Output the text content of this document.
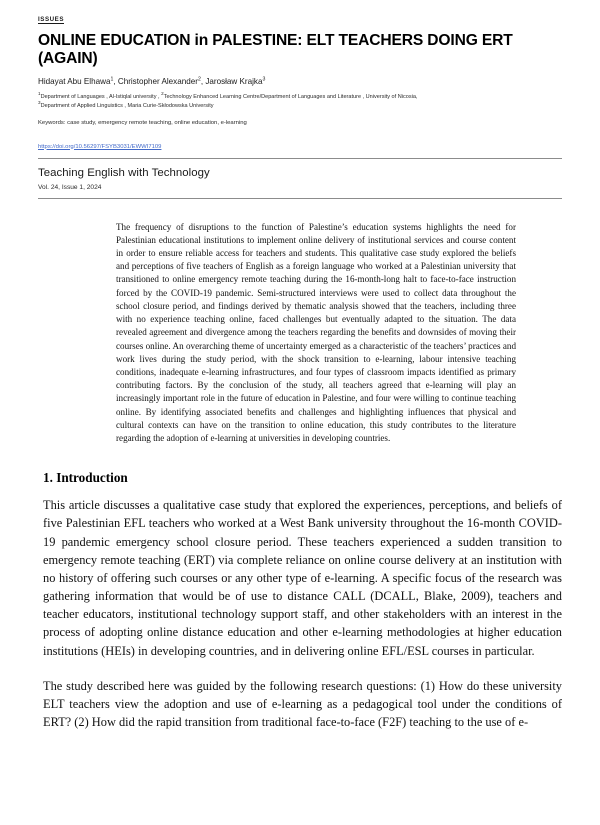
ISSUES
ONLINE EDUCATION in PALESTINE: ELT TEACHERS DOING ERT (AGAIN)
Hidayat Abu Elhawa$^1$, Christopher Alexander$^2$, Jarosław Krajka$^3$
$^1$Department of Languages , Al-Istiqlal university , $^2$Technology Enhanced Learning Centre/Department of Languages and Literature , University of Nicosia,
$^3$Department of Applied Linguistics , Maria Curie-Skłodowska University
Keywords: case study, emergency remote teaching, online education, e-learning
https://doi.org/10.56297/FSYB3031/EWWI7109
Teaching English with Technology
Vol. 24, Issue 1, 2024
The frequency of disruptions to the function of Palestine’s education systems highlights the need for Palestinian educational institutions to implement online delivery of institutional services and course content in order to ensure reliable access for teachers and students. This qualitative case study explored the beliefs and perceptions of five teachers of English as a foreign language who worked at a Palestinian university that transitioned to online emergency remote teaching during the 16-month-long halt to face-to-face instruction forced by the COVID-19 pandemic. Semi-structured interviews were used to collect data throughout the school closure period, and findings derived by thematic analysis showed that the teachers, including three with no experience teaching online, faced challenges but eventually adapted to the situation. The data revealed agreement and divergence among the teachers regarding the benefits and downsides of moving their courses online. An overarching theme of uncertainty emerged as a characteristic of the teachers’ practices and work lives during the study period, with the shock transition to e-learning, labour intensive teaching conditions, inadequate e-learning infrastructures, and four types of classroom impacts identified as primary contributing factors. By the conclusion of the study, all teachers agreed that e-learning will play an increasingly important role in the future of education in Palestine, and four were willing to continue teaching online. By identifying associated benefits and challenges and highlighting influences that physical and cultural contexts can have on the transition to online education, this study contributes to the literature regarding the adoption of e-learning at universities in developing countries.
1. Introduction

This article discusses a qualitative case study that explored the experiences, perceptions, and beliefs of five Palestinian EFL teachers who worked at a West Bank university throughout the 16-month COVID-19 pandemic emergency school closure period. These teachers experienced a sudden transition to emergency remote teaching (ERT) via complete reliance on online course delivery at an institution with no history of offering such courses or any other type of e-learning. A specific focus of the research was gathering information that would be of use to distance CALL (DCALL, Blake, 2009), teachers and teacher educators, institutional technology support staff, and other stakeholders with an interest in the process of adopting online distance education and other e-learning methodologies at higher education institutions (HEIs) in developing countries, and in delivering online EFL/ESL courses in particular.

The study described here was guided by the following research questions: (1) How do these university ELT teachers view the adoption and use of e-learning as a pedagogical tool under the conditions of ERT? (2) How did the rapid transition from traditional face-to-face (F2F) teaching to the use of e-
